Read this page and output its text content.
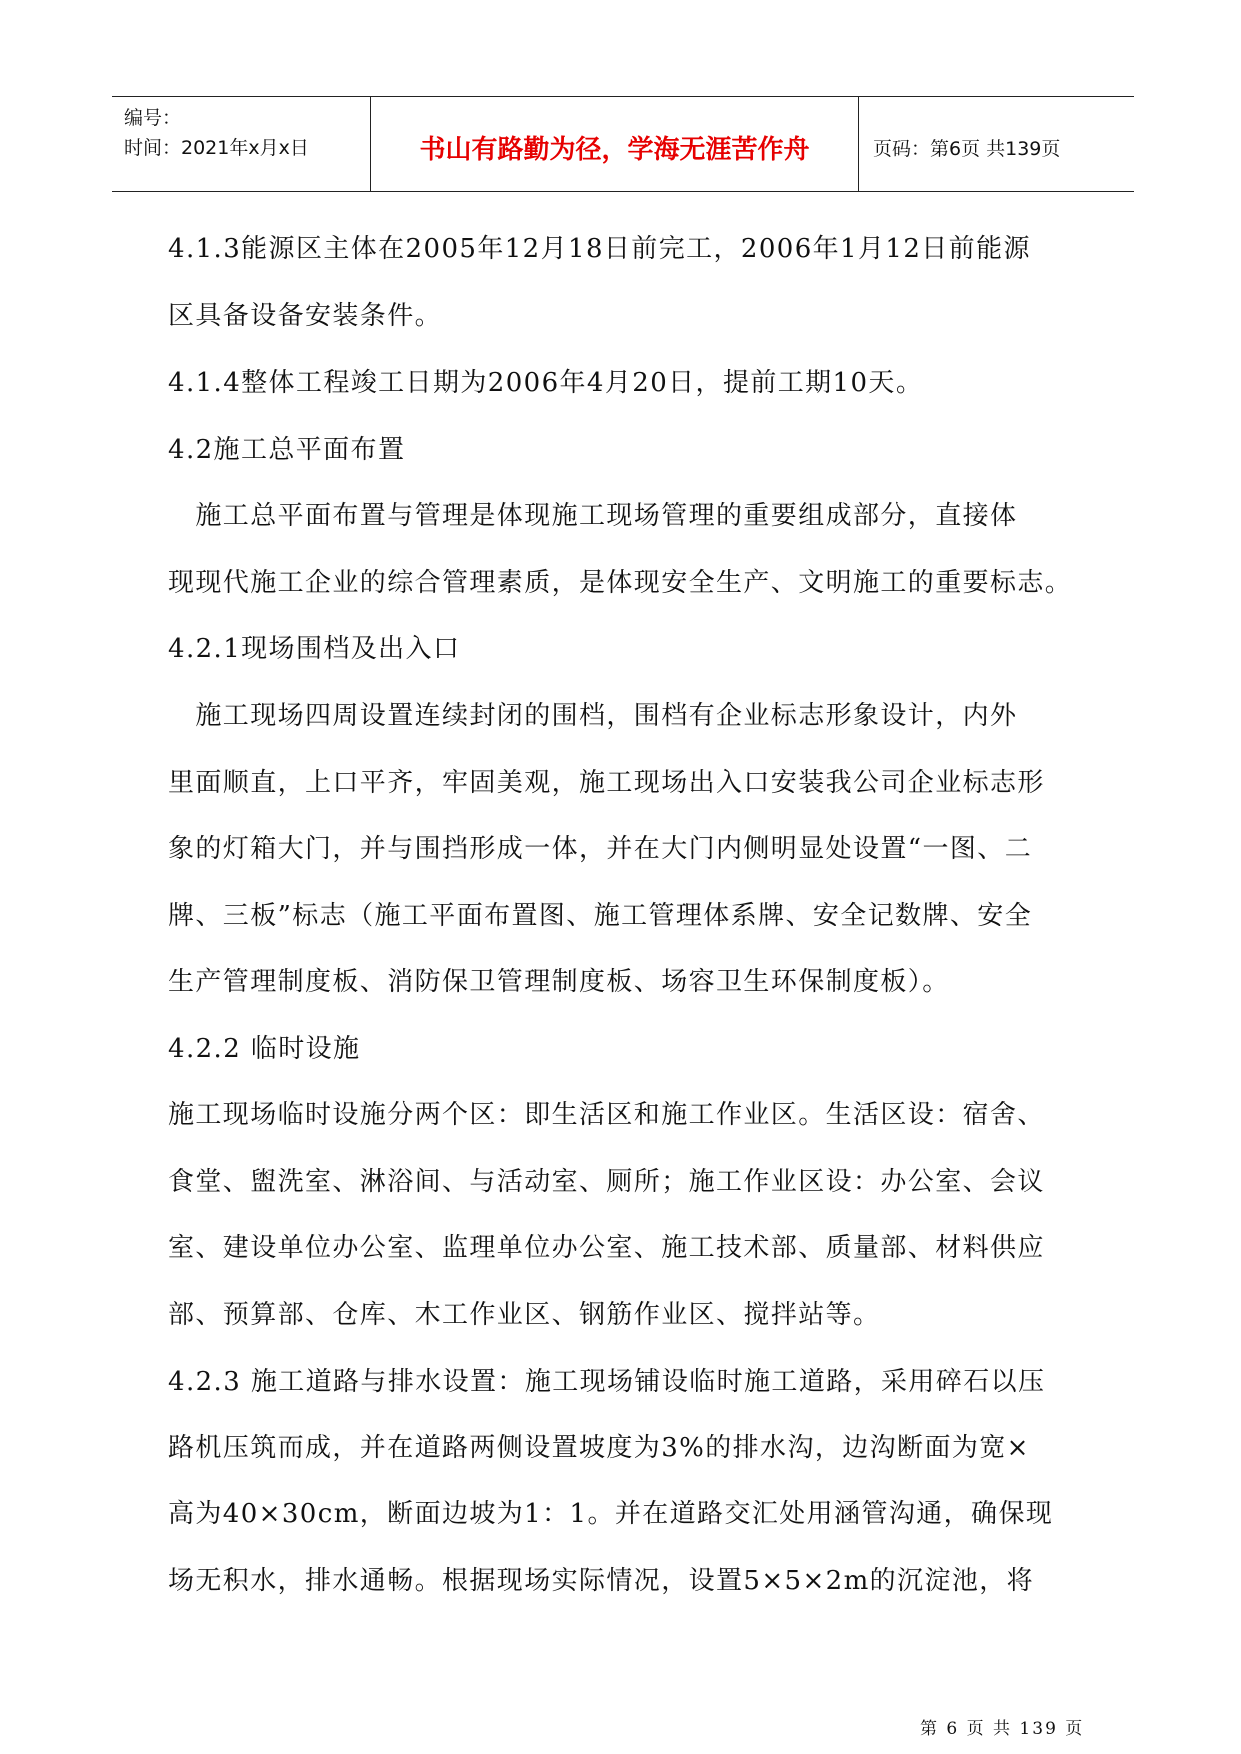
编号：
时间：2021年x月x日	书山有路勤为径，学海无涯苦作舟	页码：第6页 共139页
4.1.3能源区主体在2005年12月18日前完工，2006年1月12日前能源
区具备设备安装条件。
4.1.4整体工程竣工日期为2006年4月20日，提前工期10天。
4.2施工总平面布置
　施工总平面布置与管理是体现施工现场管理的重要组成部分，直接体
现现代施工企业的综合管理素质，是体现安全生产、文明施工的重要标志。
4.2.1现场围档及出入口
　施工现场四周设置连续封闭的围档，围档有企业标志形象设计，内外
里面顺直，上口平齐，牢固美观，施工现场出入口安装我公司企业标志形
象的灯箱大门，并与围挡形成一体，并在大门内侧明显处设置“一图、二
牌、三板”标志（施工平面布置图、施工管理体系牌、安全记数牌、安全
生产管理制度板、消防保卫管理制度板、场容卫生环保制度板）。
4.2.2 临时设施
施工现场临时设施分两个区：即生活区和施工作业区。生活区设：宿舍、
食堂、盥洗室、淋浴间、与活动室、厕所；施工作业区设：办公室、会议
室、建设单位办公室、监理单位办公室、施工技术部、质量部、材料供应
部、预算部、仓库、木工作业区、钢筋作业区、搅拌站等。
4.2.3 施工道路与排水设置：施工现场铺设临时施工道路，采用碎石以压
路机压筑而成，并在道路两侧设置坡度为3%的排水沟，边沟断面为宽×
高为40×30cm，断面边坡为1：1。并在道路交汇处用涵管沟通，确保现
场无积水，排水通畅。根据现场实际情况，设置5×5×2m的沉淀池，将
第 6 页 共 139 页
